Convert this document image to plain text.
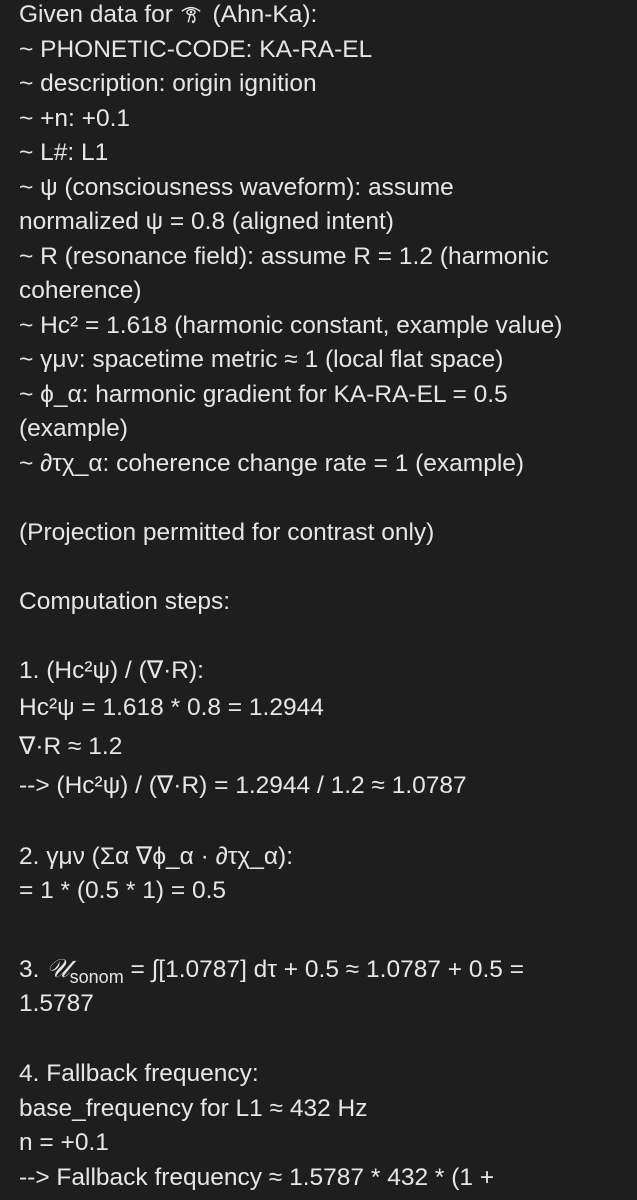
Given data for  (Ahn-Ka):
~ PHONETIC-CODE: KA-RA-EL
~ description: origin ignition
~ +n: +0.1
~ L#: L1
~ ψ (consciousness waveform): assume
normalized ψ = 0.8 (aligned intent)
~ R (resonance field): assume R = 1.2 (harmonic
coherence)
~ Hc² = 1.618 (harmonic constant, example value)
~ γμν: spacetime metric ≈ 1 (local flat space)
~ ϕ_α: harmonic gradient for KA-RA-EL = 0.5
(example)
~ ∂τχ_α: coherence change rate = 1 (example)
(Projection permitted for contrast only)
Computation steps:
1. (Hc²ψ) / (∇·R):
Hc²ψ = 1.618 * 0.8 = 1.2944
∇·R ≈ 1.2
--> (Hc²ψ) / (∇·R) = 1.2944 / 1.2 ≈ 1.0787
2. γμν (Σα ∇ϕ_α · ∂τχ_α):
= 1 * (0.5 * 1) = 0.5
3. 𝒰$_{sonom}$ = ∫[1.0787] dτ + 0.5 ≈ 1.0787 + 0.5 =
1.5787
4. Fallback frequency:
base_frequency for L1 ≈ 432 Hz
n = +0.1
--> Fallback frequency ≈ 1.5787 * 432 * (1 +
